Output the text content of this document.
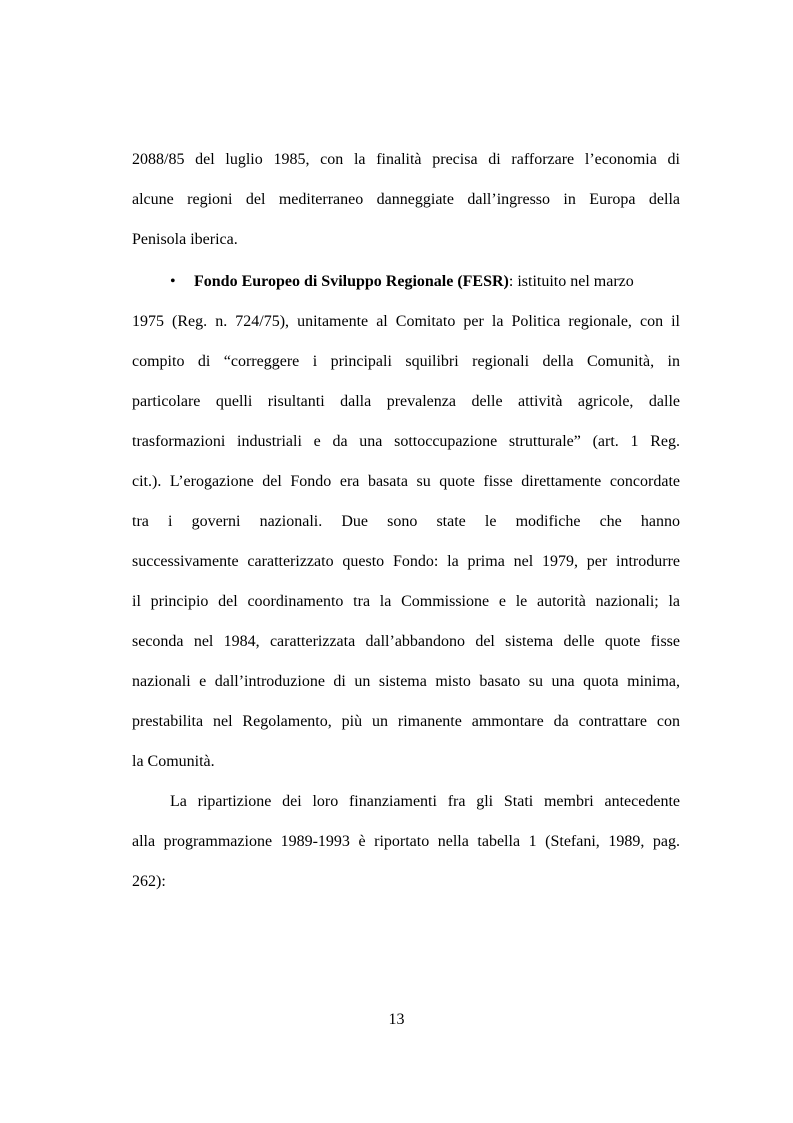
2088/85 del luglio 1985, con la finalità precisa di rafforzare l’economia di
alcune regioni del mediterraneo danneggiate dall’ingresso in Europa della
Penisola iberica.
• Fondo Europeo di Sviluppo Regionale (FESR) : istituito nel marzo
1975 (Reg. n. 724/75), unitamente al Comitato per la Politica regionale, con il
compito di “correggere i principali squilibri regionali della Comunità, in
particolare quelli risultanti dalla prevalenza delle attività agricole, dalle
trasformazioni industriali e da una sottoccupazione strutturale” (art. 1 Reg.
cit.). L’erogazione del Fondo era basata su quote fisse direttamente concordate
tra i governi nazionali. Due sono state le modifiche che hanno
successivamente caratterizzato questo Fondo: la prima nel 1979, per introdurre
il principio del coordinamento tra la Commissione e le autorità nazionali; la
seconda nel 1984, caratterizzata dall’abbandono del sistema delle quote fisse
nazionali e dall’introduzione di un sistema misto basato su una quota minima,
prestabilita nel Regolamento, più un rimanente ammontare da contrattare con
la Comunità.
La ripartizione dei loro finanziamenti fra gli Stati membri antecedente
alla programmazione 1989-1993 è riportato nella tabella 1 (Stefani, 1989, pag.
262):
13
